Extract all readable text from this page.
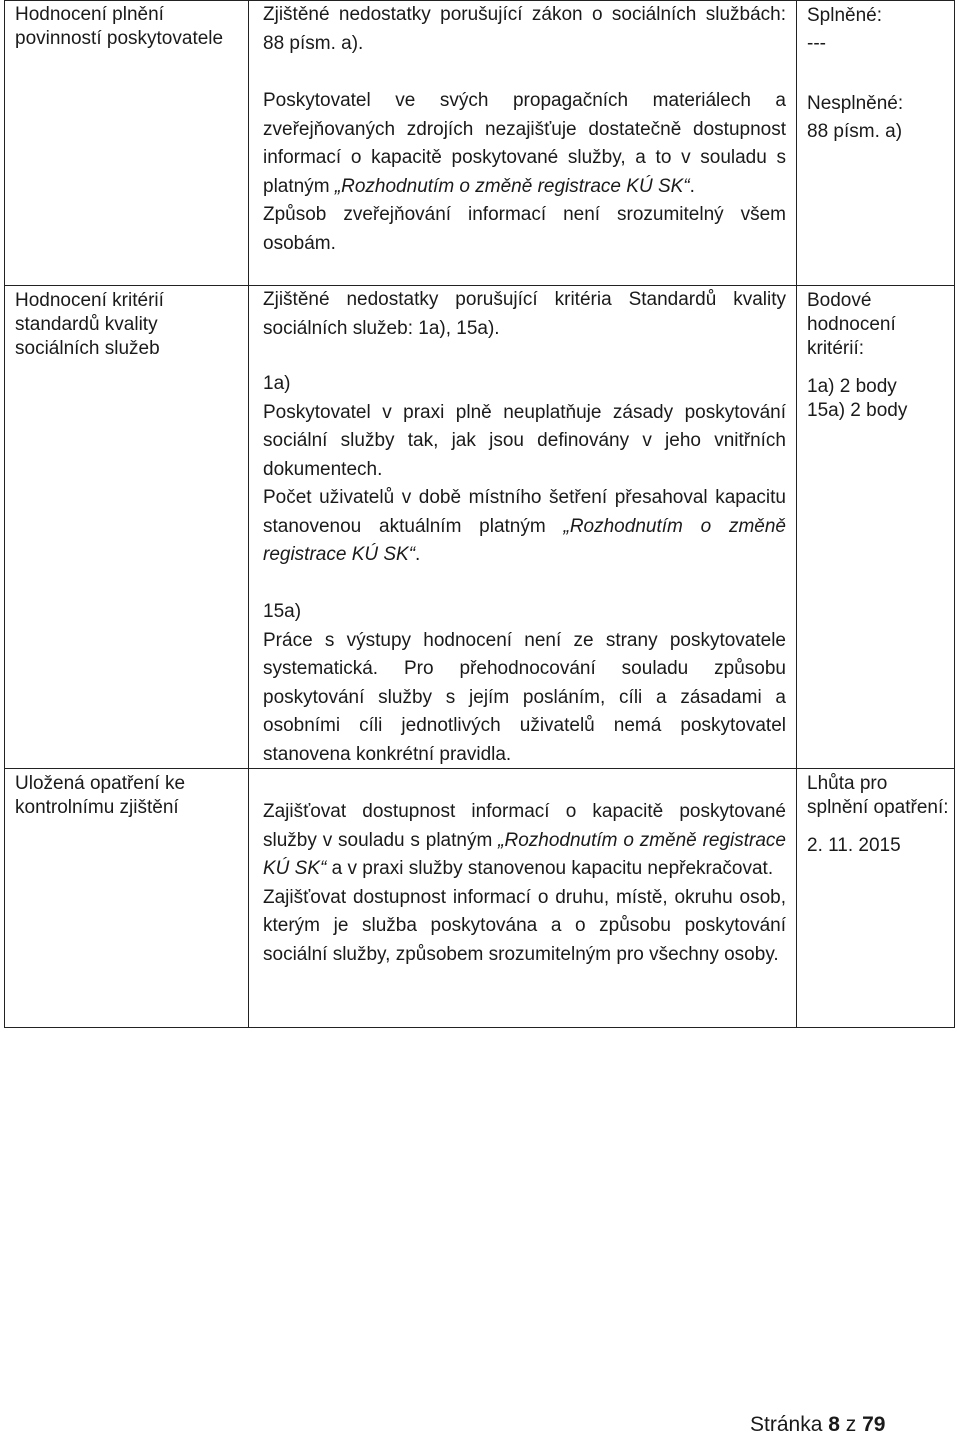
Hodnocení plnění povinností poskytovatele

Zjištěné nedostatky porušující zákon o sociálních službách: 88 písm. a).

Poskytovatel ve svých propagačních materiálech a zveřejňovaných zdrojích nezajišťuje dostatečně dostupnost informací o kapacitě poskytované služby, a to v souladu s platným „Rozhodnutím o změně registrace KÚ SK“.

Způsob zveřejňování informací není srozumitelný všem osobám.

Splněné:

---

Nesplněné:

88 písm. a)

Hodnocení kritérií standardů kvality sociálních služeb

Zjištěné nedostatky porušující kritéria Standardů kvality sociálních služeb: 1a), 15a).

1a)

Poskytovatel v praxi plně neuplatňuje zásady poskytování sociální služby tak, jak jsou definovány v jeho vnitřních dokumentech.

Počet uživatelů v době místního šetření přesahoval kapacitu stanovenou aktuálním platným „Rozhodnutím o změně registrace KÚ SK“.

15a)

Práce s výstupy hodnocení není ze strany poskytovatele systematická. Pro přehodnocování souladu způsobu poskytování služby s jejím posláním, cíli a zásadami a osobními cíli jednotlivých uživatelů nemá poskytovatel stanovena konkrétní pravidla.

Bodové hodnocení kritérií:

1a) 2 body

15a) 2 body

Uložená opatření ke kontrolnímu zjištění	Zajišťovat dostupnost informací o kapacitě poskytované služby v souladu s platným „Rozhodnutím o změně registrace KÚ SK“ a v praxi služby stanovenou kapacitu nepřekračovat.

Zajišťovat dostupnost informací o druhu, místě, okruhu osob, kterým je služba poskytována a o způsobu poskytování sociální služby, způsobem srozumitelným pro všechny osoby.

Lhůta pro splnění opatření:

2. 11. 2015

Stránka 8 z 79
